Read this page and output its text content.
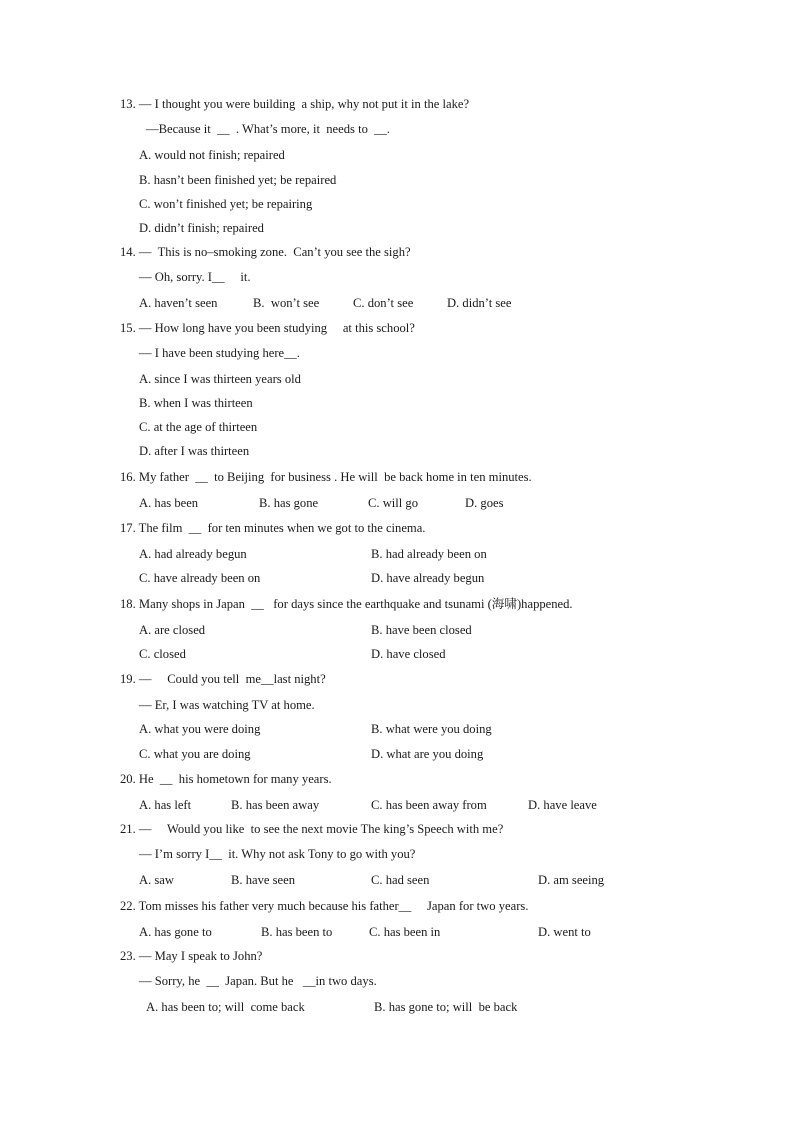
13. — I thought you were building  a ship, why not put it in the lake?
—Because it  __  . What’s more, it  needs to  __.
A. would not finish; repaired
B. hasn’t been finished yet; be repaired
C. won’t finished yet; be repairing
D. didn’t finish; repaired
14. —  This is no–smoking zone.  Can’t you see the sigh?
— Oh, sorry. I__     it.
A. haven’t seen	B.  won’t see	C. don’t see	D. didn’t see
15. — How long have you been studying     at this school?
— I have been studying here__.
A. since I was thirteen years old
B. when I was thirteen
C. at the age of thirteen
D. after I was thirteen
16. My father  __  to Beijing  for business . He will  be back home in ten minutes.
A. has been	B. has gone	C. will go	D. goes
17. The film  __  for ten minutes when we got to the cinema.
A. had already begun	B. had already been on
C. have already been on	D. have already begun
18. Many shops in Japan  __   for days since the earthquake and tsunami (海啸)happened.
A. are closed	B. have been closed
C. closed	D. have closed
19. —     Could you tell  me__last night?
— Er, I was watching TV at home.
A. what you were doing	B. what were you doing
C. what you are doing	D. what are you doing
20. He  __  his hometown for many years.
A. has left	B. has been away	C. has been away from	D. have leave
21. —     Would you like  to see the next movie The king’s Speech with me?
— I’m sorry I__  it. Why not ask Tony to go with you?
A. saw	B. have seen	C. had seen	D. am seeing
22. Tom misses his father very much because his father__     Japan for two years.
A. has gone to	B. has been to	C. has been in	D. went to
23. — May I speak to John?
— Sorry, he  __  Japan. But he   __in two days.
A. has been to; will  come back	B. has gone to; will  be back
